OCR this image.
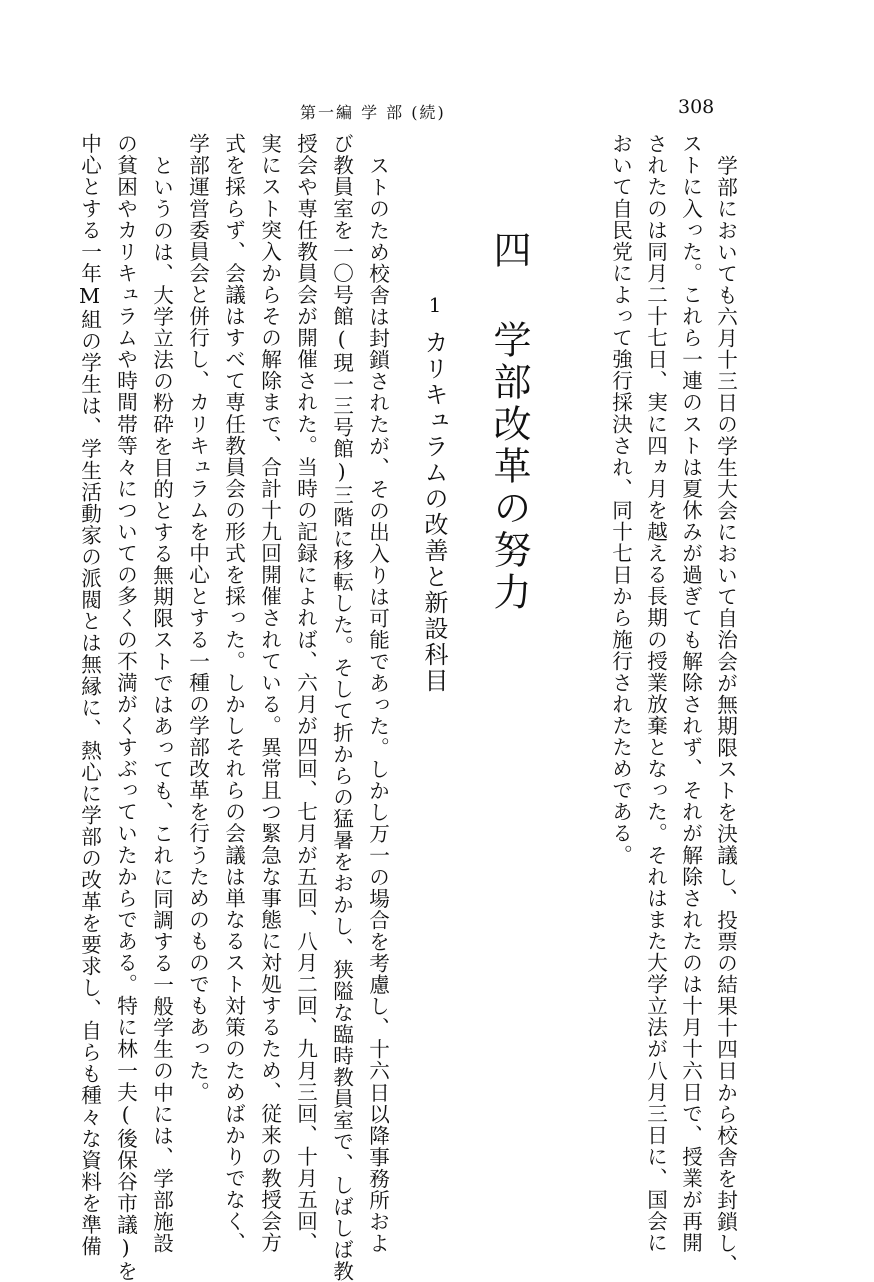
第一編 学 部 (続)	308
学部においても六月十三日の学生大会において自治会が無期限ストを決議し、投票の結果十四日から校舎を封鎖し、
ストに入った。これら一連のストは夏休みが過ぎても解除されず、それが解除されたのは十月十六日で、授業が再開
されたのは同月二十七日、実に四ヵ月を越える長期の授業放棄となった。それはまた大学立法が八月三日に、国会に
おいて自民党によって強行採決され、同十七日から施行されたためである。
四 学部改革の努力
1
カリキュラムの改善と新設科目
ストのため校舎は封鎖されたが、その出入りは可能であった。しかし万一の場合を考慮し、十六日以降事務所およ
び教員室を一〇号館(現一三号館)三階に移転した。そして折からの猛暑をおかし、狭隘な臨時教員室で、しばしば教
授会や専任教員会が開催された。当時の記録によれば、六月が四回、七月が五回、八月二回、九月三回、十月五回、
実にスト突入からその解除まで、合計十九回開催されている。異常且つ緊急な事態に対処するため、従来の教授会方
式を採らず、会議はすべて専任教員会の形式を採った。しかしそれらの会議は単なるスト対策のためばかりでなく、
学部運営委員会と併行し、カリキュラムを中心とする一種の学部改革を行うためのものでもあった。
というのは、大学立法の粉砕を目的とする無期限ストではあっても、これに同調する一般学生の中には、学部施設
の貧困やカリキュラムや時間帯等々についての多くの不満がくすぶっていたからである。特に林一夫(後保谷市議)を
中心とする一年M組の学生は、学生活動家の派閥とは無縁に、熱心に学部の改革を要求し、自らも種々な資料を準備
